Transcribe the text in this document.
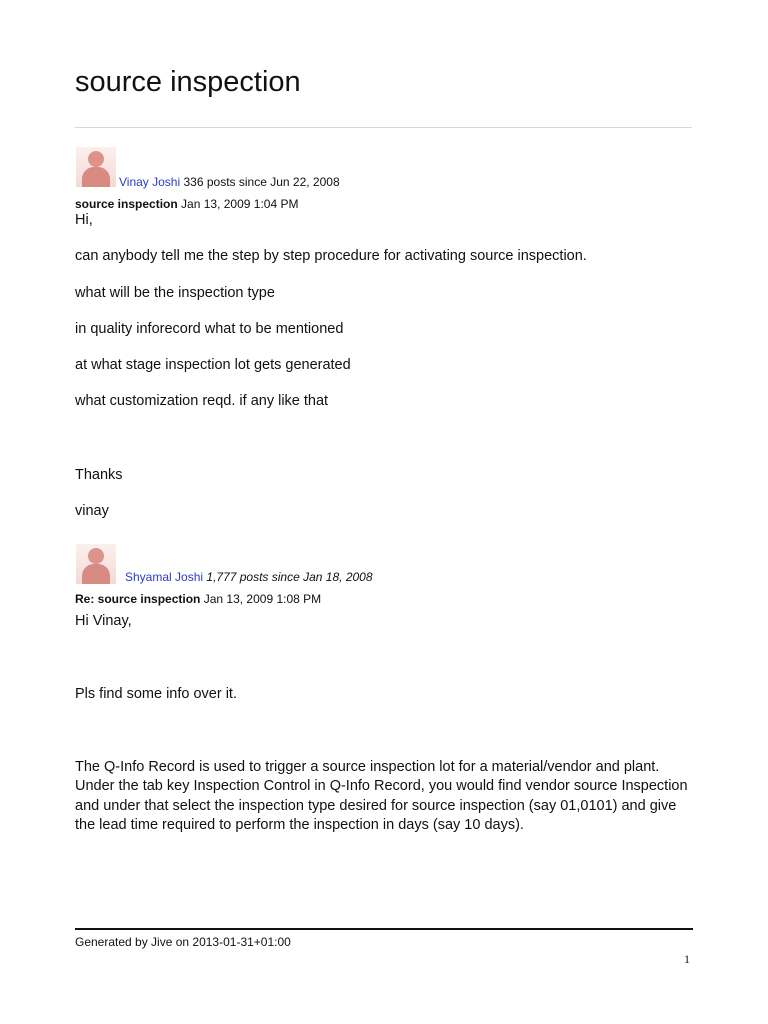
source inspection
Vinay Joshi 336 posts since Jun 22, 2008
source inspection Jan 13, 2009 1:04 PM

Hi,

can anybody tell me the step by step procedure for activating source inspection.

what will be the inspection type

in quality inforecord what to be mentioned

at what stage inspection lot gets generated

what customization reqd. if any like that

Thanks

vinay

Shyamal Joshi 1,777 posts since Jan 18, 2008
Re: source inspection Jan 13, 2009 1:08 PM

Hi Vinay,

Pls find some info over it.

The Q-Info Record is used to trigger a source inspection lot for a material/vendor and plant. Under the tab key Inspection Control in Q-Info Record, you would find vendor source Inspection and under that select the inspection type desired for source inspection (say 01,0101) and give the lead time required to perform the inspection in days (say 10 days).

Generated by Jive on 2013-01-31+01:00
1
